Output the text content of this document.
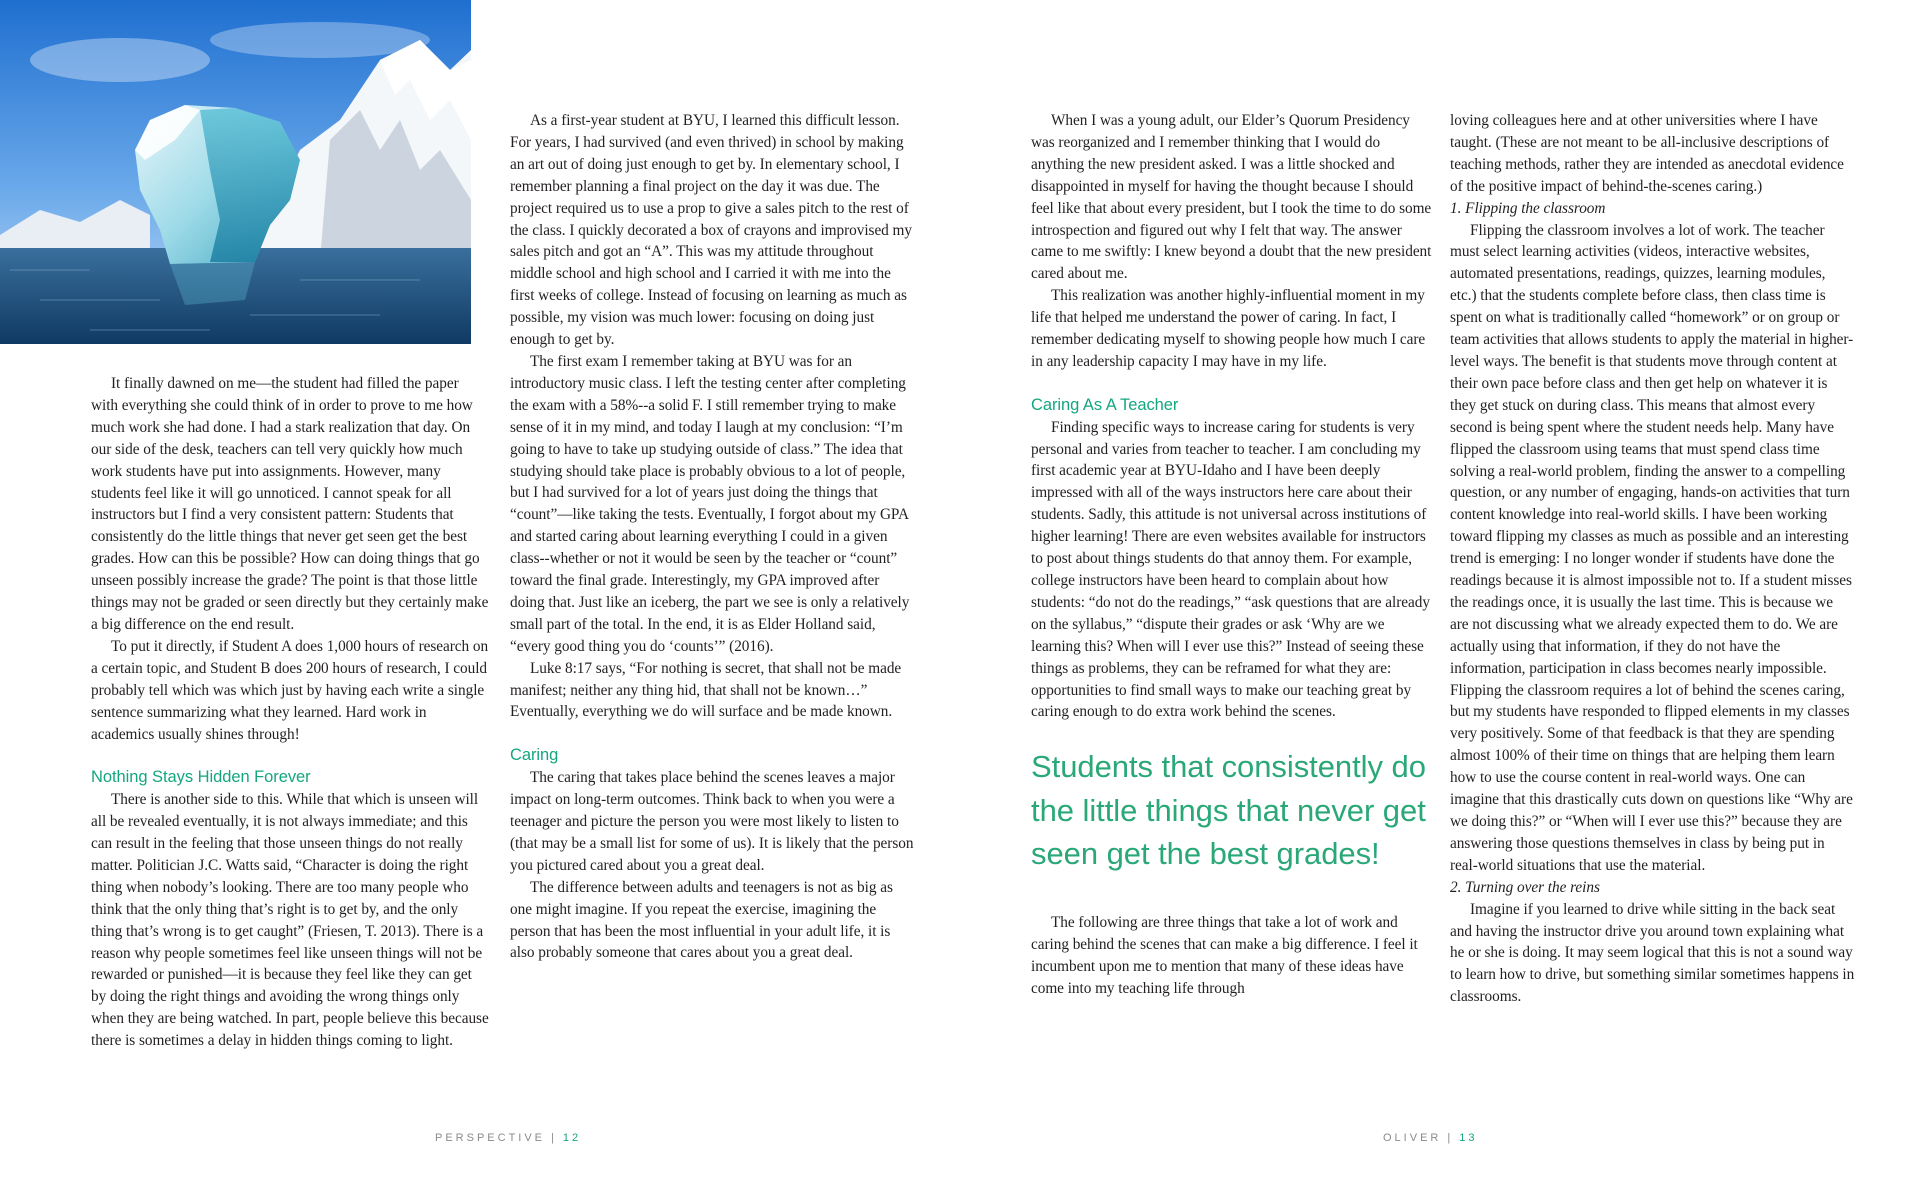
It finally dawned on me—the student had filled the paper with everything she could think of in order to prove to me how much work she had done. I had a stark realization that day. On our side of the desk, teachers can tell very quickly how much work students have put into assignments. However, many students feel like it will go unnoticed. I cannot speak for all instructors but I find a very consistent pattern: Students that consistently do the little things that never get seen get the best grades. How can this be possible? How can doing things that go unseen possibly increase the grade? The point is that those little things may not be graded or seen directly but they certainly make a big difference on the end result.

To put it directly, if Student A does 1,000 hours of research on a certain topic, and Student B does 200 hours of research, I could probably tell which was which just by having each write a single sentence summarizing what they learned. Hard work in academics usually shines through!

Nothing Stays Hidden Forever

There is another side to this. While that which is unseen will all be revealed eventually, it is not always immediate; and this can result in the feeling that those unseen things do not really matter. Politician J.C. Watts said, “Character is doing the right thing when nobody’s looking. There are too many people who think that the only thing that’s right is to get by, and the only thing that’s wrong is to get caught” (Friesen, T. 2013). There is a reason why people sometimes feel like unseen things will not be rewarded or punished—it is because they feel like they can get by doing the right things and avoiding the wrong things only when they are being watched. In part, people believe this because there is sometimes a delay in hidden things coming to light.

As a first-year student at BYU, I learned this difficult lesson. For years, I had survived (and even thrived) in school by making an art out of doing just enough to get by. In elementary school, I remember planning a final project on the day it was due. The project required us to use a prop to give a sales pitch to the rest of the class. I quickly decorated a box of crayons and improvised my sales pitch and got an “A”. This was my attitude throughout middle school and high school and I carried it with me into the first weeks of college. Instead of focusing on learning as much as possible, my vision was much lower: focusing on doing just enough to get by.

The first exam I remember taking at BYU was for an introductory music class. I left the testing center after completing the exam with a 58%--a solid F. I still remember trying to make sense of it in my mind, and today I laugh at my conclusion: “I’m going to have to take up studying outside of class.” The idea that studying should take place is probably obvious to a lot of people, but I had survived for a lot of years just doing the things that “count”—like taking the tests. Eventually, I forgot about my GPA and started caring about learning everything I could in a given class--whether or not it would be seen by the teacher or “count” toward the final grade. Interestingly, my GPA improved after doing that. Just like an iceberg, the part we see is only a relatively small part of the total. In the end, it is as Elder Holland said, “every good thing you do ‘counts’” (2016).

Luke 8:17 says, “For nothing is secret, that shall not be made manifest; neither any thing hid, that shall not be known…” Eventually, everything we do will surface and be made known.

Caring

The caring that takes place behind the scenes leaves a major impact on long-term outcomes. Think back to when you were a teenager and picture the person you were most likely to listen to (that may be a small list for some of us). It is likely that the person you pictured cared about you a great deal.

The difference between adults and teenagers is not as big as one might imagine. If you repeat the exercise, imagining the person that has been the most influential in your adult life, it is also probably someone that cares about you a great deal.

PERSPECTIVE | 12

When I was a young adult, our Elder’s Quorum Presidency was reorganized and I remember thinking that I would do anything the new president asked. I was a little shocked and disappointed in myself for having the thought because I should feel like that about every president, but I took the time to do some introspection and figured out why I felt that way. The answer came to me swiftly: I knew beyond a doubt that the new president cared about me.

This realization was another highly-influential moment in my life that helped me understand the power of caring. In fact, I remember dedicating myself to showing people how much I care in any leadership capacity I may have in my life.

Caring As A Teacher

Finding specific ways to increase caring for students is very personal and varies from teacher to teacher. I am concluding my first academic year at BYU-Idaho and I have been deeply impressed with all of the ways instructors here care about their students. Sadly, this attitude is not universal across institutions of higher learning! There are even websites available for instructors to post about things students do that annoy them. For example, college instructors have been heard to complain about how students: “do not do the readings,” “ask questions that are already on the syllabus,” “dispute their grades or ask ‘Why are we learning this? When will I ever use this?” Instead of seeing these things as problems, they can be reframed for what they are: opportunities to find small ways to make our teaching great by caring enough to do extra work behind the scenes.

Students that consistently do the little things that never get seen get the best grades!

The following are three things that take a lot of work and caring behind the scenes that can make a big difference. I feel it incumbent upon me to mention that many of these ideas have come into my teaching life through

loving colleagues here and at other universities where I have taught. (These are not meant to be all-inclusive descriptions of teaching methods, rather they are intended as anecdotal evidence of the positive impact of behind-the-scenes caring.)

1. Flipping the classroom

Flipping the classroom involves a lot of work. The teacher must select learning activities (videos, interactive websites, automated presentations, readings, quizzes, learning modules, etc.) that the students complete before class, then class time is spent on what is traditionally called “homework” or on group or team activities that allows students to apply the material in higher-level ways. The benefit is that students move through content at their own pace before class and then get help on whatever it is they get stuck on during class. This means that almost every second is being spent where the student needs help. Many have flipped the classroom using teams that must spend class time solving a real-world problem, finding the answer to a compelling question, or any number of engaging, hands-on activities that turn content knowledge into real-world skills. I have been working toward flipping my classes as much as possible and an interesting trend is emerging: I no longer wonder if students have done the readings because it is almost impossible not to. If a student misses the readings once, it is usually the last time. This is because we are not discussing what we already expected them to do. We are actually using that information, if they do not have the information, participation in class becomes nearly impossible. Flipping the classroom requires a lot of behind the scenes caring, but my students have responded to flipped elements in my classes very positively. Some of that feedback is that they are spending almost 100% of their time on things that are helping them learn how to use the course content in real-world ways. One can imagine that this drastically cuts down on questions like “Why are we doing this?” or “When will I ever use this?” because they are answering those questions themselves in class by being put in real-world situations that use the material.

2. Turning over the reins

Imagine if you learned to drive while sitting in the back seat and having the instructor drive you around town explaining what he or she is doing. It may seem logical that this is not a sound way to learn how to drive, but something similar sometimes happens in classrooms.

OLIVER | 13
